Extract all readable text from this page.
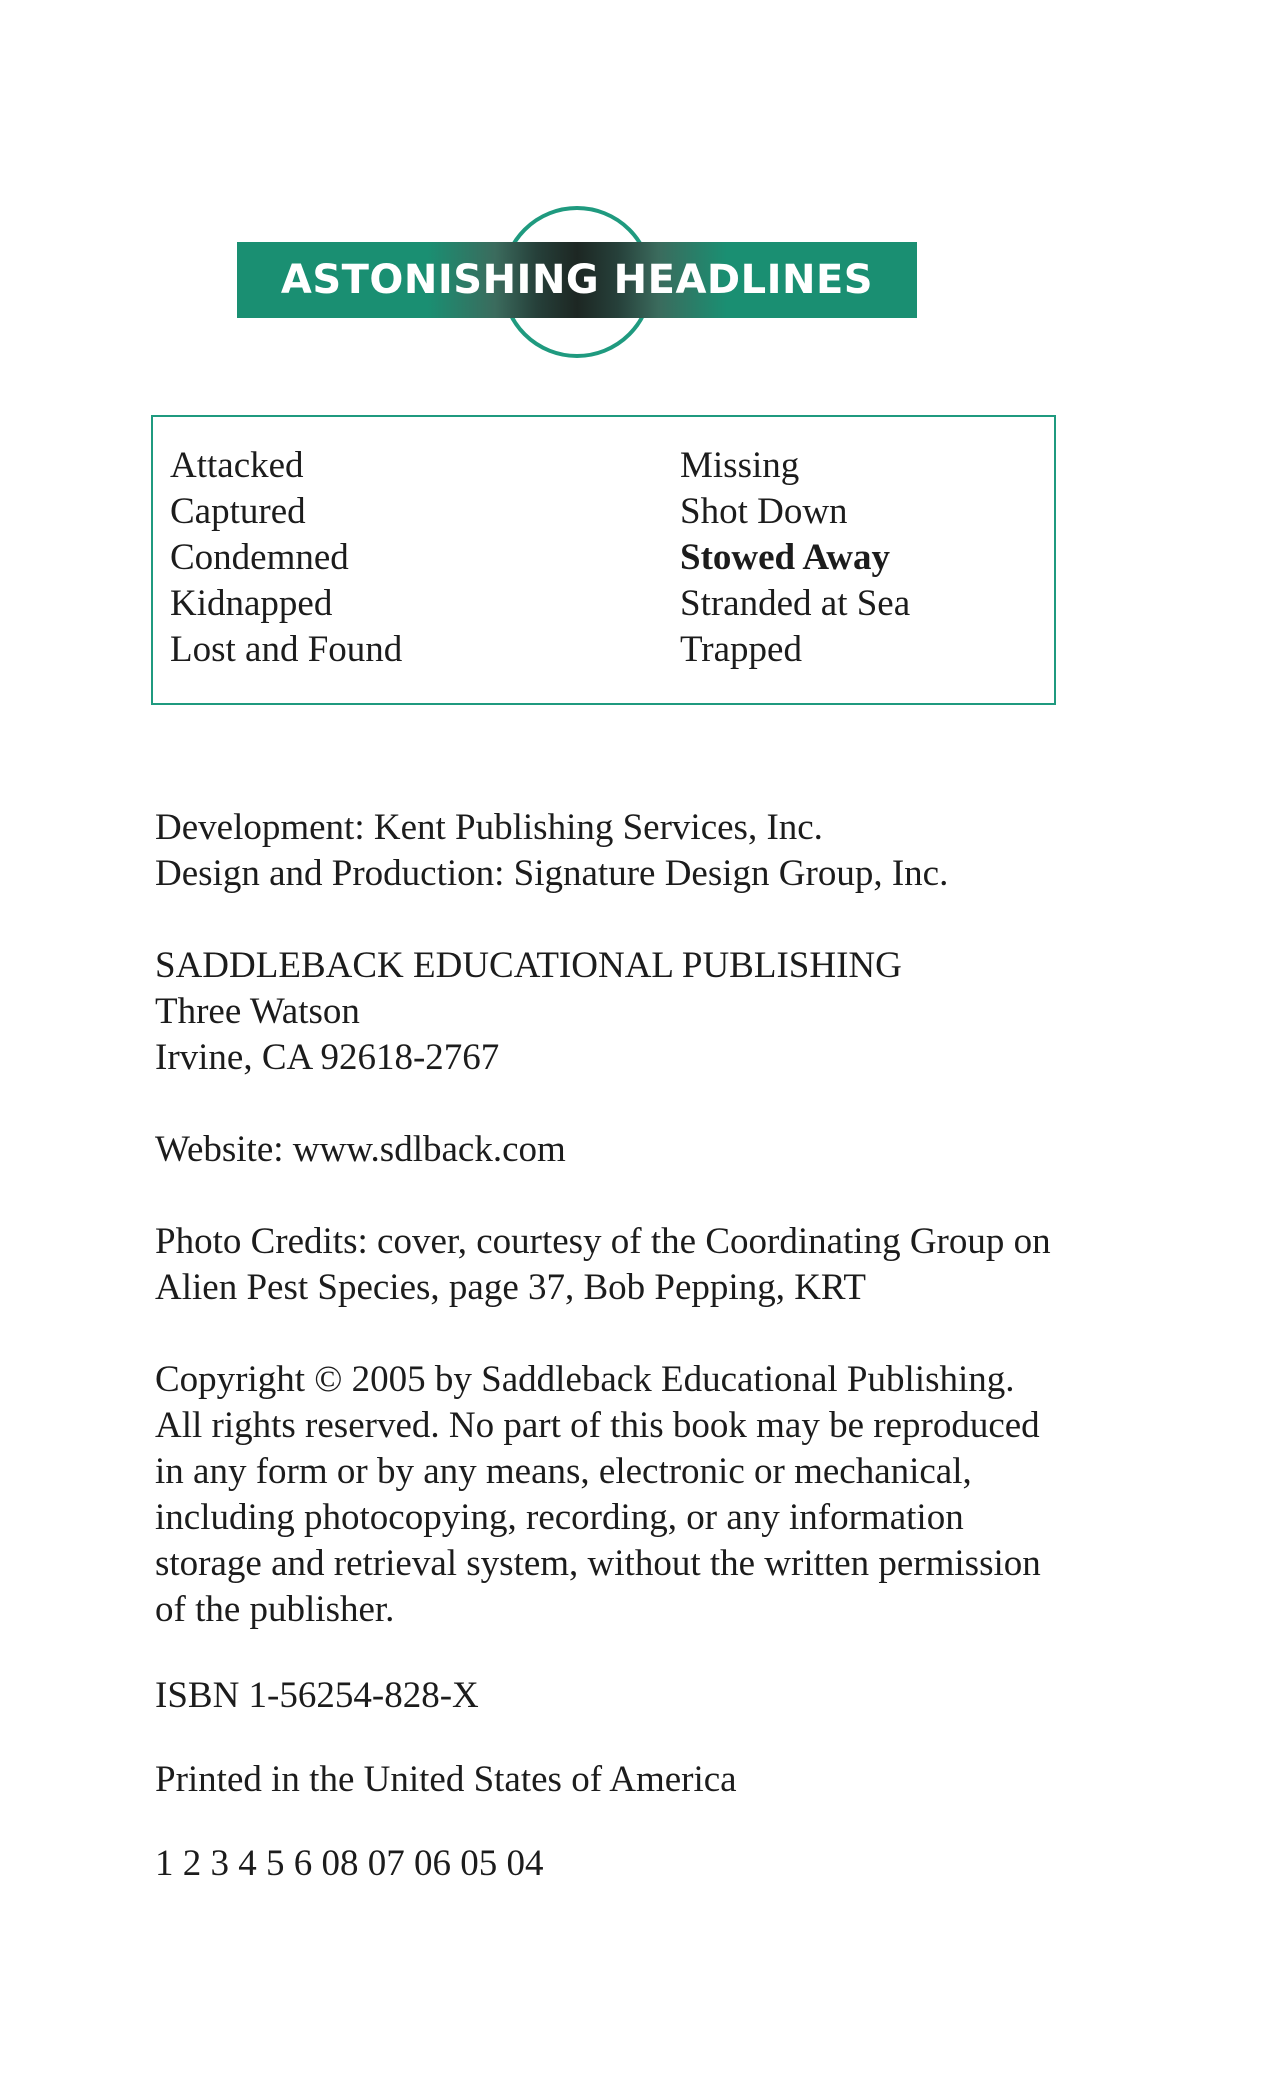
ASTONISHING HEADLINES
Attacked
Captured
Condemned
Kidnapped
Lost and Found
Missing
Shot Down
Stowed Away
Stranded at Sea
Trapped

Development: Kent Publishing Services, Inc.

Design and Production: Signature Design Group, Inc.

SADDLEBACK EDUCATIONAL PUBLISHING

Three Watson

Irvine, CA 92618-2767

Website: www.sdlback.com

Photo Credits: cover, courtesy of the Coordinating Group on

Alien Pest Species, page 37, Bob Pepping, KRT

Copyright © 2005 by Saddleback Educational Publishing.

All rights reserved. No part of this book may be reproduced

in any form or by any means, electronic or mechanical,

including photocopying, recording, or any information

storage and retrieval system, without the written permission

of the publisher.

ISBN 1-56254-828-X

Printed in the United States of America

1 2 3 4 5 6 08 07 06 05 04
